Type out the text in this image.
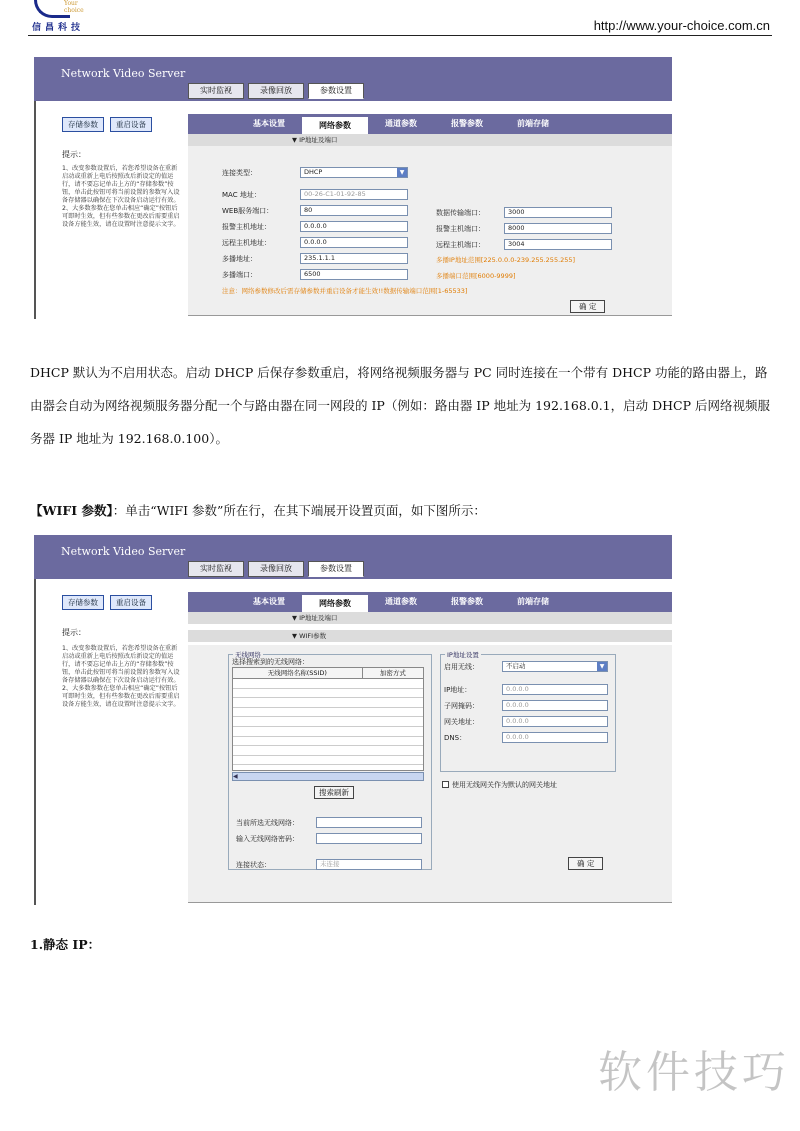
Your choice
信昌科技	http://www.your-choice.com.cn
Network Video Server
实时监视	录像回放	参数设置
存储参数	重启设备
提示：
1、改变参数设置后，若您希望设备在重新启动或重新上电后按照改后新设定的值运行，请不要忘记单击上方的“存储参数”按钮，单击此按钮可将当前设置的参数写入设备存储器以确保在下次设备启动运行有效。2、大多数参数在您单击相应“确定”按钮后可即时生效，但有些参数在更改后需要重启设备方能生效，请在设置时注意提示文字。
基本设置	网络参数	通道参数	报警参数	前端存储
▼ IP地址及端口
连接类型：	DHCP	▼
MAC 地址：	00-26-C1-01-92-85
WEB服务端口：	80
报警主机地址：	0.0.0.0
远程主机地址：	0.0.0.0
多播地址：	235.1.1.1
多播端口：	6500
数据传输端口：	3000
报警主机端口：	8000
远程主机端口：	3004
多播IP地址范围[225.0.0.0-239.255.255.255]
多播端口范围[6000-9999]
注意：网络参数修改后需存储参数并重启设备才能生效!!数据传输端口范围[1-65533]
确 定
DHCP 默认为不启用状态。启动 DHCP 后保存参数重启，将网络视频服务器与 PC 同时连接在一个带有 DHCP 功能的路由器上，路由器会自动为网络视频服务器分配一个与路由器在同一网段的 IP（例如：路由器 IP 地址为 192.168.0.1，启动 DHCP 后网络视频服务器 IP 地址为 192.168.0.100）。
【WIFI 参数】：单击“WIFI 参数”所在行，在其下端展开设置页面，如下图所示：
Network Video Server
实时监视	录像回放	参数设置
存储参数	重启设备
提示：
1、改变参数设置后，若您希望设备在重新启动或重新上电后按照改后新设定的值运行，请不要忘记单击上方的“存储参数”按钮，单击此按钮可将当前设置的参数写入设备存储器以确保在下次设备启动运行有效。2、大多数参数在您单击相应“确定”按钮后可即时生效，但有些参数在更改后需要重启设备方能生效，请在设置时注意提示文字。
基本设置	网络参数	通道参数	报警参数	前端存储
▼ IP地址及端口
▼ WIFI参数
无线网络
选择搜索到的无线网络：
无线网络名称(SSID)	加密方式
◀
搜索刷新
当前所选无线网络：
输入无线网络密码：
连接状态：	未连接
IP地址设置
启用无线：	不启动	▼
IP地址：	0.0.0.0
子网掩码：	0.0.0.0
网关地址：	0.0.0.0
DNS：	0.0.0.0
使用无线网关作为默认的网关地址
确 定
1.静态 IP：
软件技巧
